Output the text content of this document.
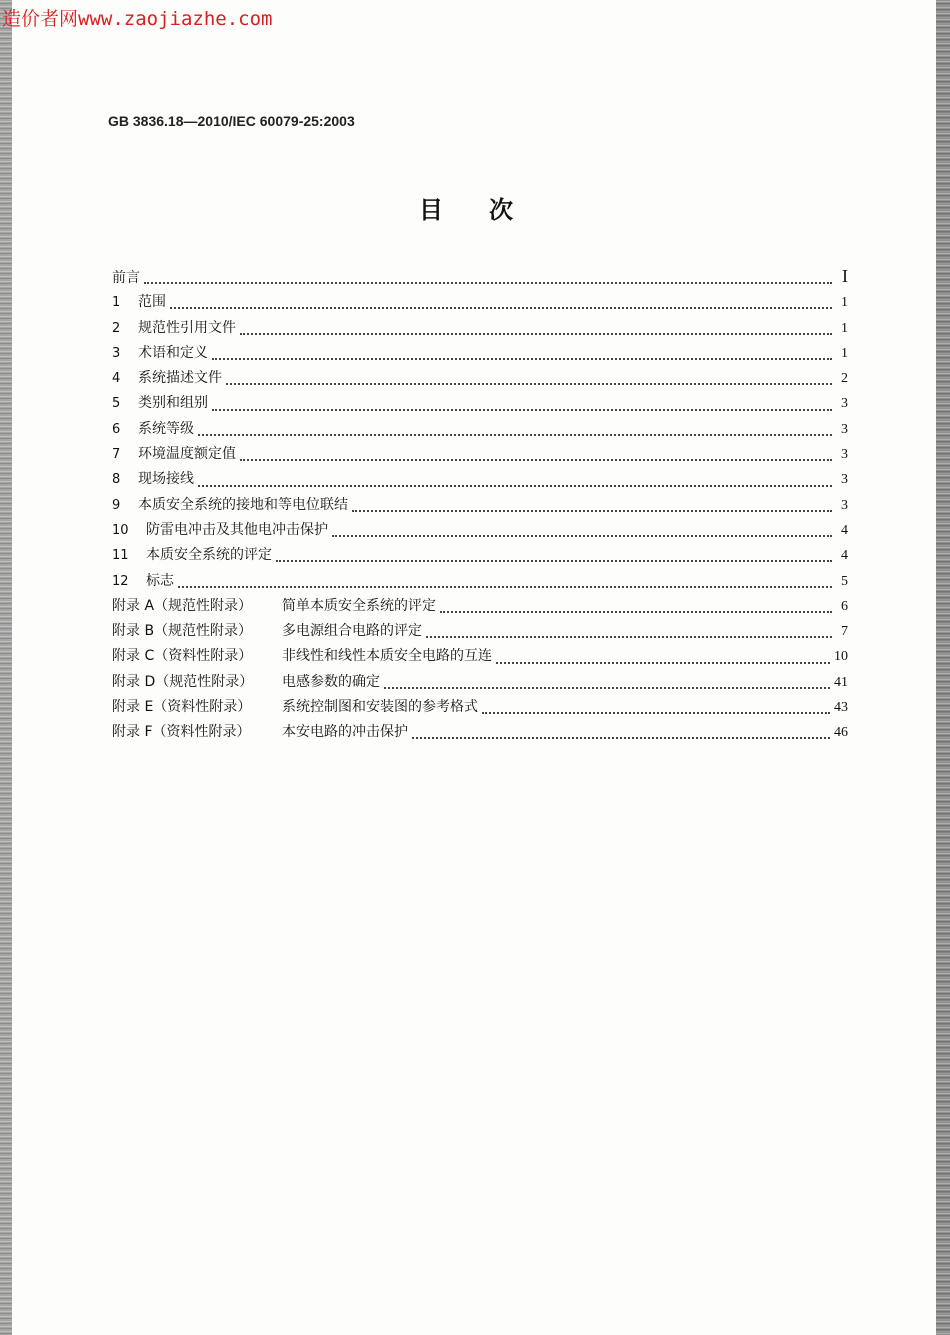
造价者网www.zaojiazhe.com
GB 3836.18—2010/IEC 60079-25:2003
目次
前言	I
1	范围	1
2	规范性引用文件	1
3	术语和定义	1
4	系统描述文件	2
5	类别和组别	3
6	系统等级	3
7	环境温度额定值	3
8	现场接线	3
9	本质安全系统的接地和等电位联结	3
10	防雷电冲击及其他电冲击保护	4
11	本质安全系统的评定	4
12	标志	5
附录 A（规范性附录）	简单本质安全系统的评定	6
附录 B（规范性附录）	多电源组合电路的评定	7
附录 C（资料性附录）	非线性和线性本质安全电路的互连	10
附录 D（规范性附录）	电感参数的确定	41
附录 E（资料性附录）	系统控制图和安装图的参考格式	43
附录 F（资料性附录）	本安电路的冲击保护	46
